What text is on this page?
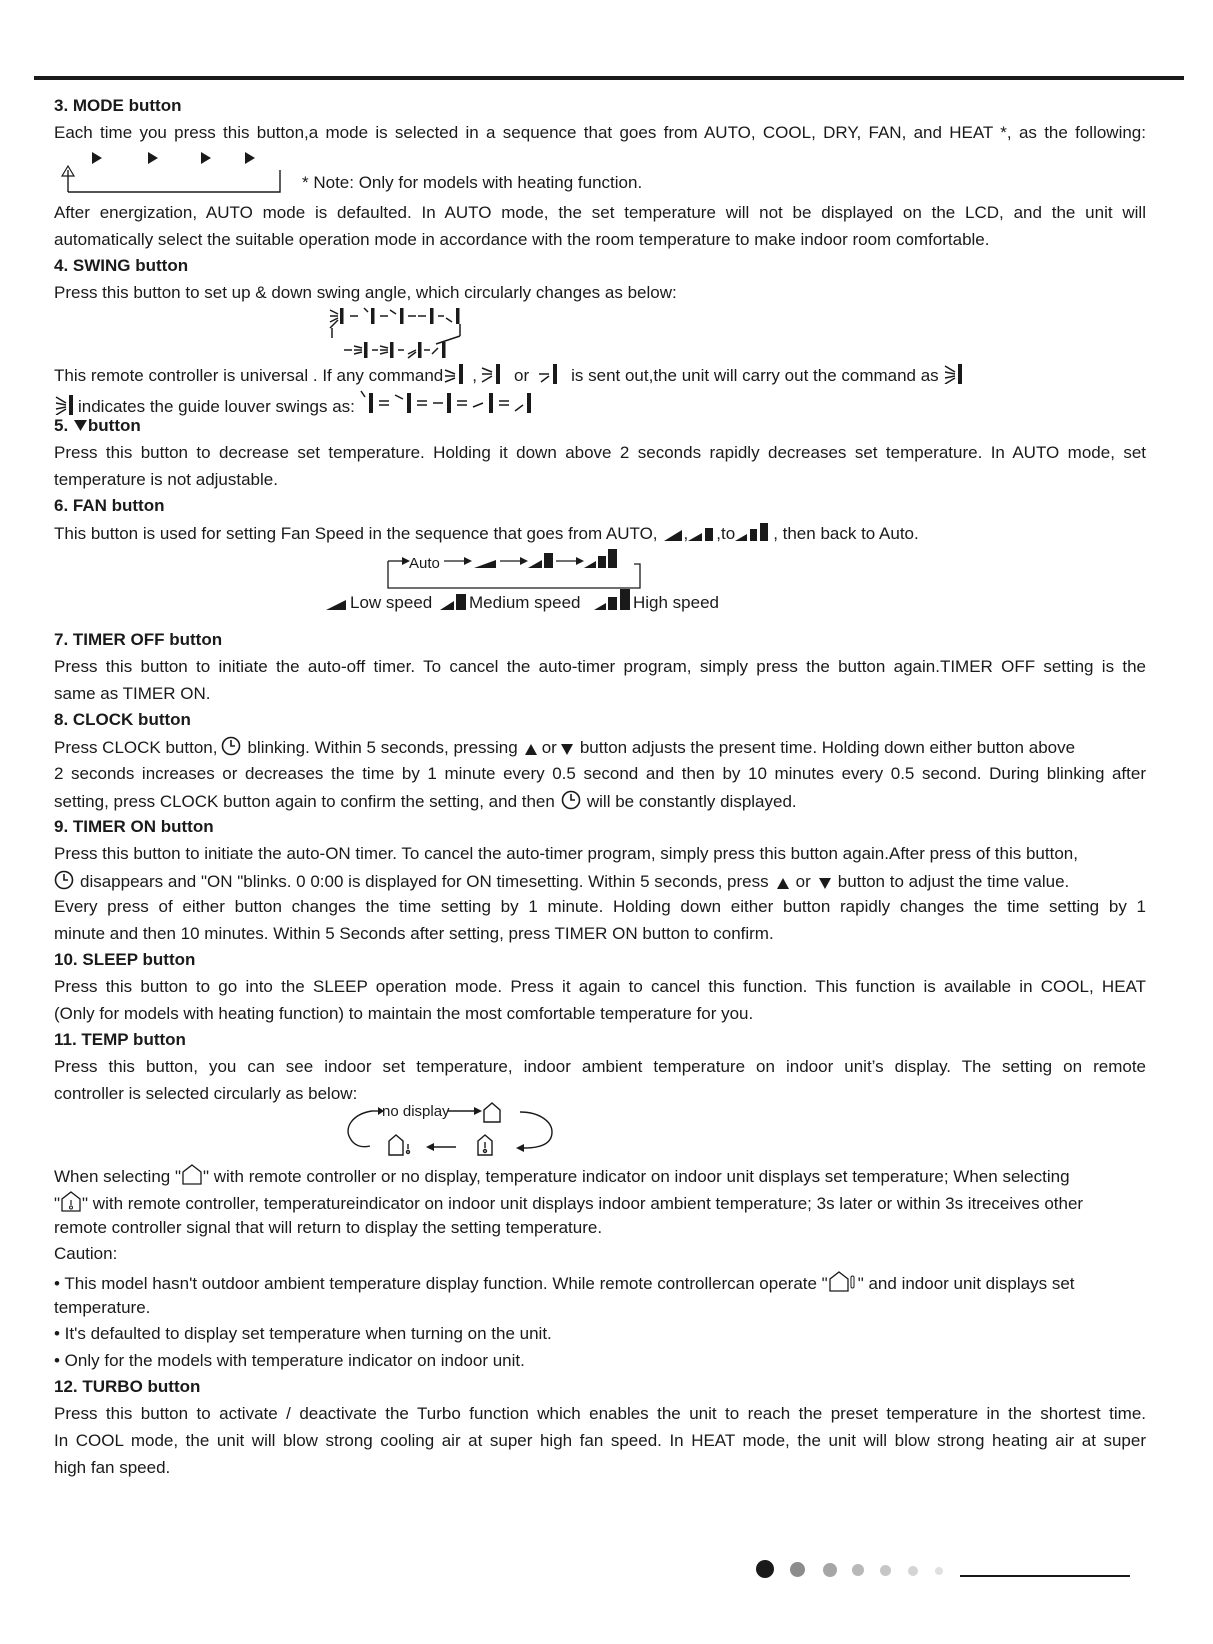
3. MODE button
Each time you press this button,a mode is selected in a sequence that goes from AUTO, COOL, DRY, FAN, and HEAT *, as the following:
* Note: Only for models with heating function.
After energization, AUTO mode is defaulted. In AUTO mode, the set temperature will not be displayed on the LCD, and the unit will
automatically select the suitable operation mode in accordance with the room temperature to make indoor room comfortable.
4. SWING button
Press this button to set up & down swing angle, which circularly changes as below:
This remote controller is universal . If any command , or is sent out,the unit will carry out the command as
indicates the guide louver swings as:
5. button
Press this button to decrease set temperature. Holding it down above 2 seconds rapidly decreases set temperature. In AUTO mode, set
temperature is not adjustable.
6. FAN button
This button is used for setting Fan Speed in the sequence that goes from AUTO, , ,to , then back to Auto.
Auto
Low speed Medium speed	High speed
7. TIMER OFF button
Press this button to initiate the auto-off timer. To cancel the auto-timer program, simply press the button again.TIMER OFF setting is the
same as TIMER ON.
8. CLOCK button
Press CLOCK button, blinking. Within 5 seconds, pressing or button adjusts the present time. Holding down either button above
2 seconds increases or decreases the time by 1 minute every 0.5 second and then by 10 minutes every 0.5 second. During blinking after
setting, press CLOCK button again to confirm the setting, and then will be constantly displayed.
9. TIMER ON button
Press this button to initiate the auto-ON timer. To cancel the auto-timer program, simply press this button again.After press of this button,
disappears and "ON "blinks. 0 0:00 is displayed for ON timesetting. Within 5 seconds, press or button to adjust the time value.
Every press of either button changes the time setting by 1 minute. Holding down either button rapidly changes the time setting by 1
minute and then 10 minutes. Within 5 Seconds after setting, press TIMER ON button to confirm.
10. SLEEP button
Press this button to go into the SLEEP operation mode. Press it again to cancel this function. This function is available in COOL, HEAT
(Only for models with heating function) to maintain the most comfortable temperature for you.
11. TEMP button
Press this button, you can see indoor set temperature, indoor ambient temperature on indoor unit’s display. The setting on remote
controller is selected circularly as below:
no display
When selecting " " with remote controller or no display, temperature indicator on indoor unit displays set temperature; When selecting
" " with remote controller, temperatureindicator on indoor unit displays indoor ambient temperature; 3s later or within 3s itreceives other
remote controller signal that will return to display the setting temperature.
Caution:
• This model hasn't outdoor ambient temperature display function. While remote controllercan operate " " and indoor unit displays set
temperature.
• It's defaulted to display set temperature when turning on the unit.
• Only for the models with temperature indicator on indoor unit.
12. TURBO button
Press this button to activate / deactivate the Turbo function which enables the unit to reach the preset temperature in the shortest time.
In COOL mode, the unit will blow strong cooling air at super high fan speed. In HEAT mode, the unit will blow strong heating air at super
high fan speed.
